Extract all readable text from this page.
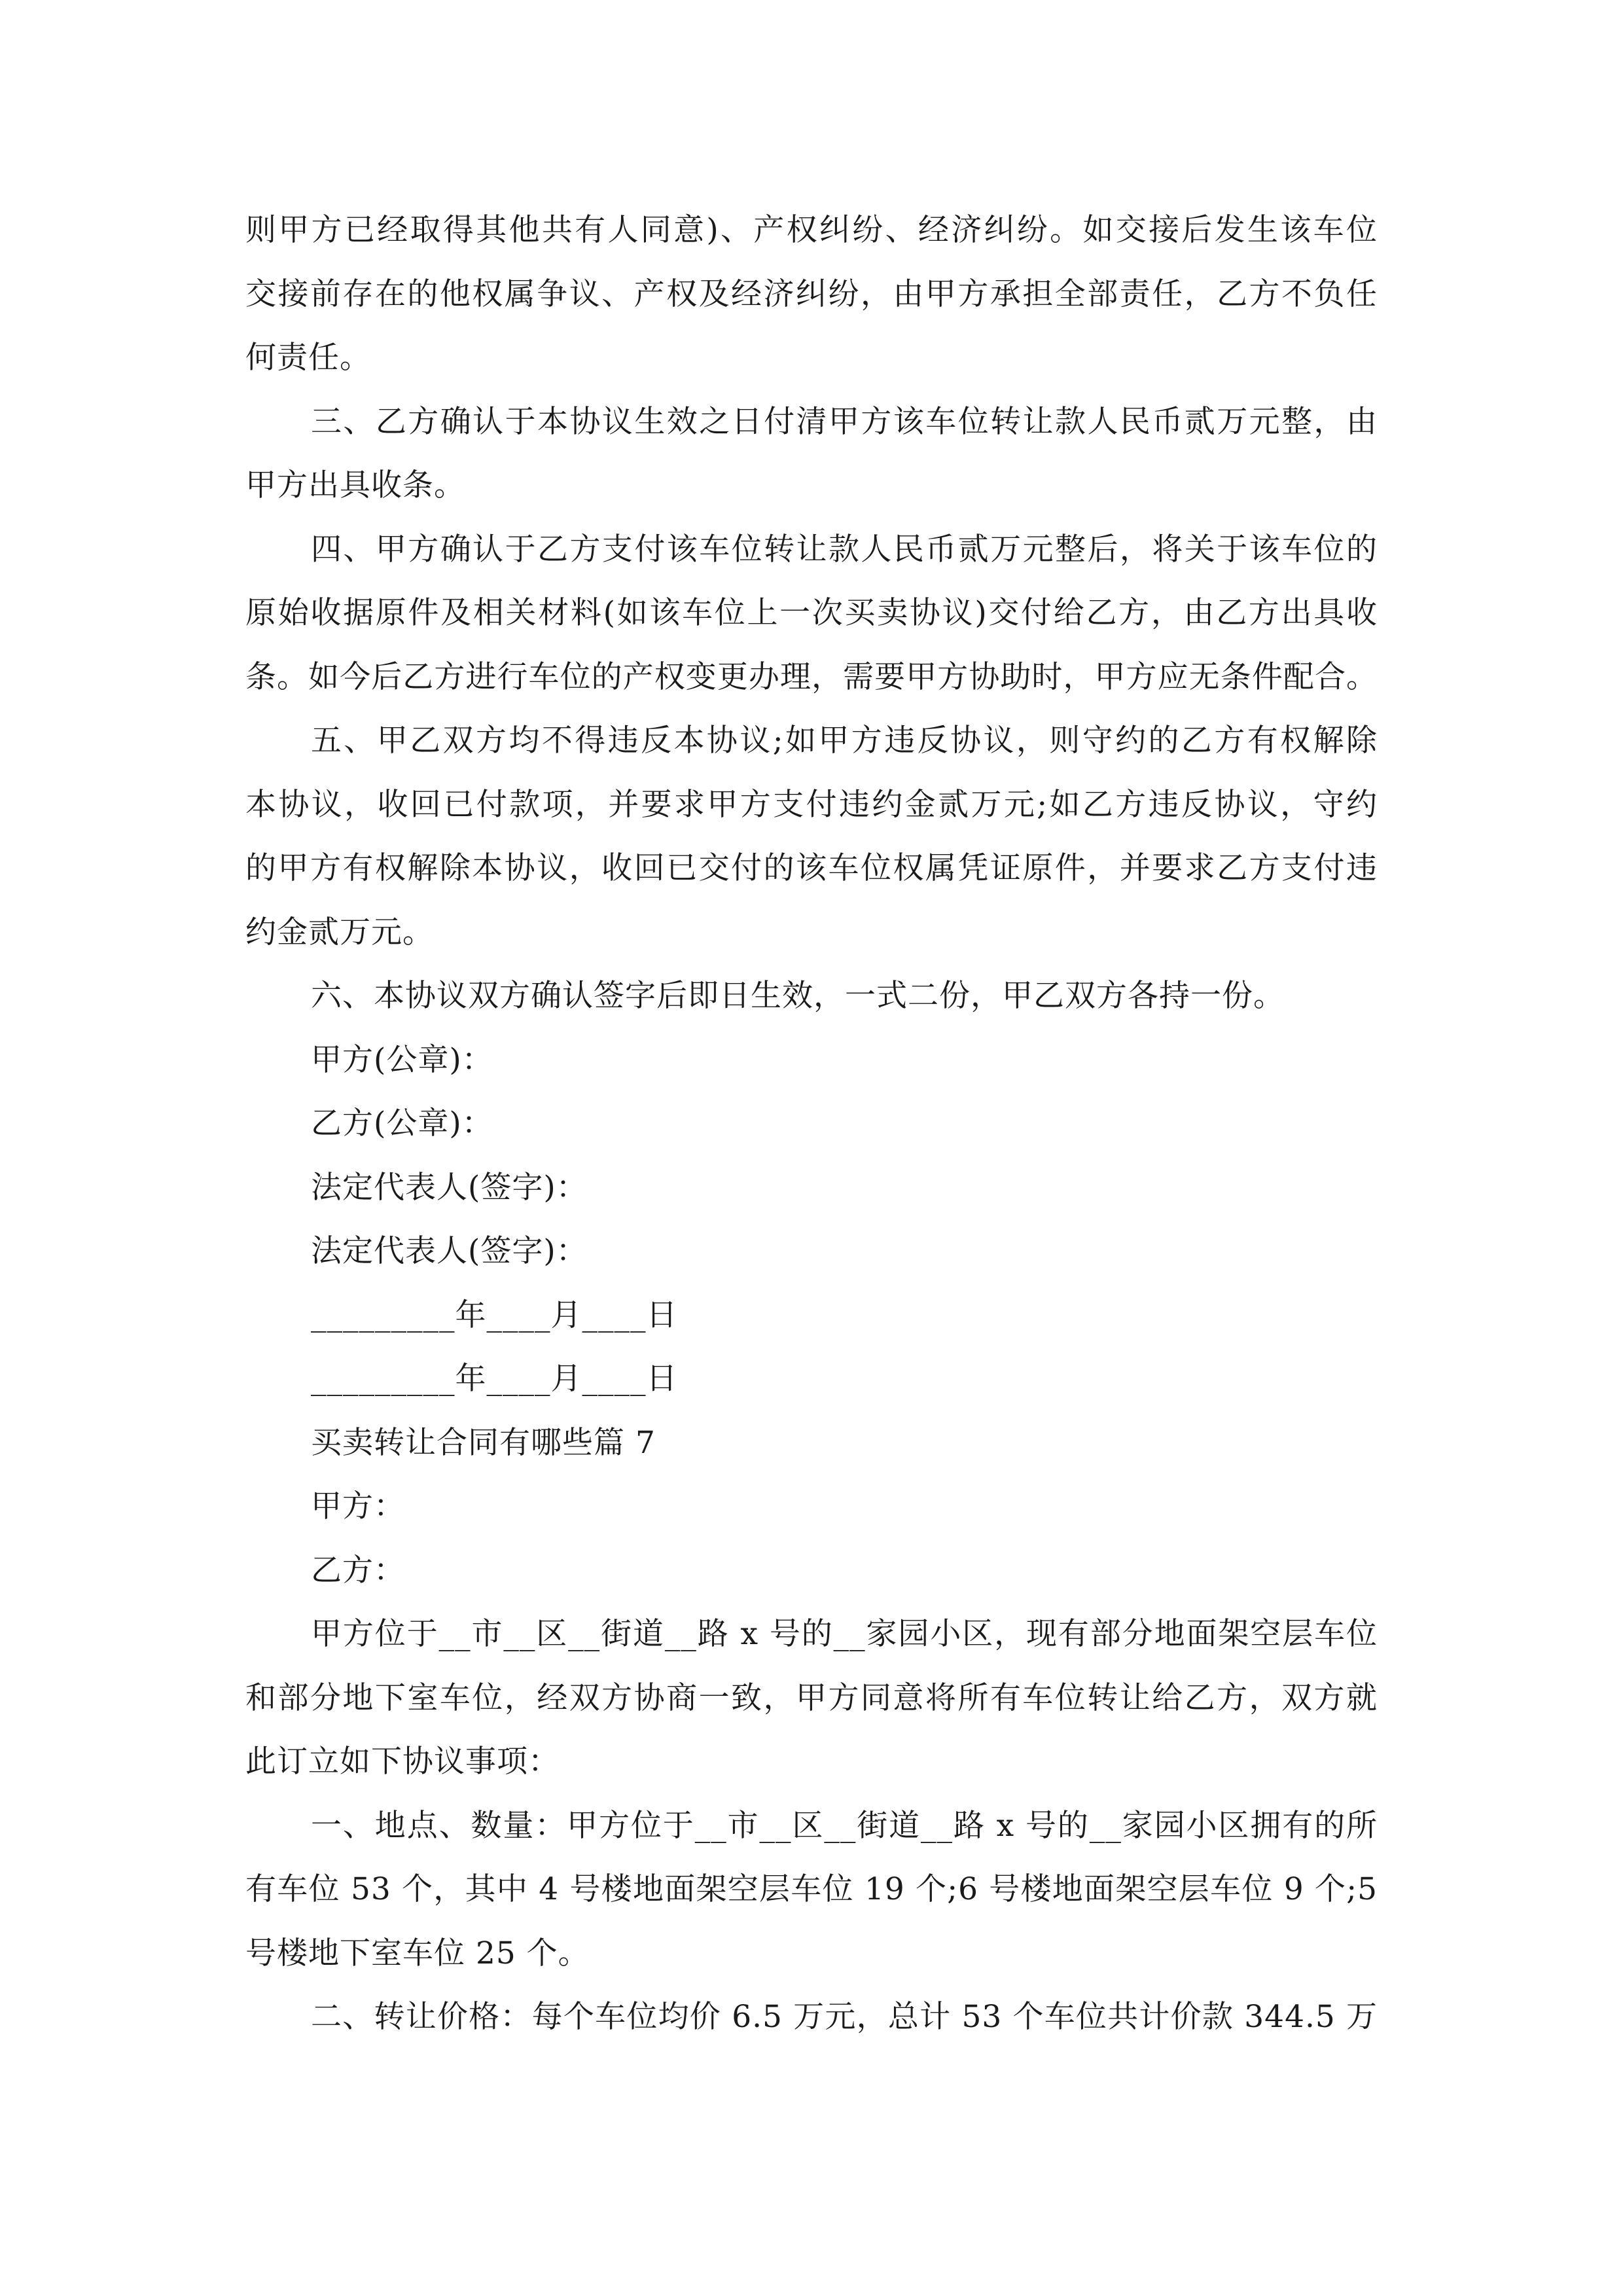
则甲方已经取得其他共有人同意)、产权纠纷、经济纠纷。如交接后发生该车位

交接前存在的他权属争议、产权及经济纠纷，由甲方承担全部责任，乙方不负任

何责任。

三、乙方确认于本协议生效之日付清甲方该车位转让款人民币贰万元整，由

甲方出具收条。

四、甲方确认于乙方支付该车位转让款人民币贰万元整后，将关于该车位的

原始收据原件及相关材料(如该车位上一次买卖协议)交付给乙方，由乙方出具收

条。如今后乙方进行车位的产权变更办理，需要甲方协助时，甲方应无条件配合。

五、甲乙双方均不得违反本协议;如甲方违反协议，则守约的乙方有权解除

本协议，收回已付款项，并要求甲方支付违约金贰万元;如乙方违反协议，守约

的甲方有权解除本协议，收回已交付的该车位权属凭证原件，并要求乙方支付违

约金贰万元。

六、本协议双方确认签字后即日生效，一式二份，甲乙双方各持一份。

甲方(公章)：

乙方(公章)：

法定代表人(签字)：

法定代表人(签字)：

_________年____月____日

_________年____月____日

买卖转让合同有哪些篇 7

甲方：

乙方：

甲方位于__市__区__街道__路 x 号的__家园小区，现有部分地面架空层车位

和部分地下室车位，经双方协商一致，甲方同意将所有车位转让给乙方，双方就

此订立如下协议事项：

一、地点、数量：甲方位于__市__区__街道__路 x 号的__家园小区拥有的所

有车位 53 个，其中 4 号楼地面架空层车位 19 个;6 号楼地面架空层车位 9 个;5

号楼地下室车位 25 个。

二、转让价格：每个车位均价 6.5 万元，总计 53 个车位共计价款 344.5 万
